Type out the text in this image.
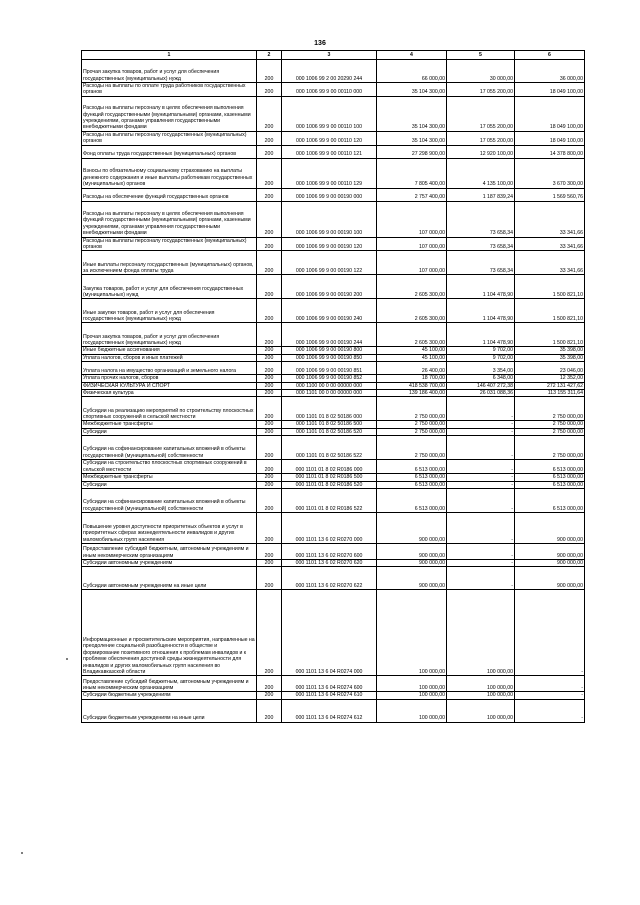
136
1	2	3	4	5	6
Прочая закупка товаров, работ и услуг для обеспечения государственных (муниципальных) нужд	200	000 1006 99 2 00 20290 244	66 000,00	30 000,00	36 000,00
Расходы на выплаты по оплате труда работников государственных органов	200	000 1006 99 9 00 00110 000	35 104 300,00	17 055 200,00	18 049 100,00
Расходы на выплаты персоналу в целях обеспечения выполнения функций государственными (муниципальными) органами, казенными учреждениями, органами управления государственными внебюджетными фондами	200	000 1006 99 9 00 00110 100	35 104 300,00	17 055 200,00	18 049 100,00
Расходы на выплаты персоналу государственных (муниципальных) органов	200	000 1006 99 9 00 00110 120	35 104 300,00	17 055 200,00	18 049 100,00
Фонд оплаты труда государственных (муниципальных) органов	200	000 1006 99 9 00 00110 121	27 298 900,00	12 920 100,00	14 378 800,00
Взносы по обязательному социальному страхованию на выплаты денежного содержания и иные выплаты работникам государственных (муниципальных) органов	200	000 1006 99 9 00 00110 129	7 805 400,00	4 135 100,00	3 670 300,00
Расходы на обеспечение функций государственных органов	200	000 1006 99 9 00 00190 000	2 757 400,00	1 187 839,24	1 569 560,76
Расходы на выплаты персоналу в целях обеспечения выполнения функций государственными (муниципальными) органами, казенными учреждениями, органами управления государственными внебюджетными фондами	200	000 1006 99 9 00 00190 100	107 000,00	73 658,34	33 341,66
Расходы на выплаты персоналу государственных (муниципальных) органов	200	000 1006 99 9 00 00190 120	107 000,00	73 658,34	33 341,66
Иные выплаты персоналу государственных (муниципальных) органов, за исключением фонда оплаты труда	200	000 1006 99 9 00 00190 122	107 000,00	73 658,34	33 341,66
Закупка товаров, работ и услуг для обеспечения государственных (муниципальных) нужд	200	000 1006 99 9 00 00190 200	2 605 300,00	1 104 478,90	1 500 821,10
Иные закупки товаров, работ и услуг для обеспечения государственных (муниципальных) нужд	200	000 1006 99 9 00 00190 240	2 605 300,00	1 104 478,90	1 500 821,10
Прочая закупка товаров, работ и услуг для обеспечения государственных (муниципальных) нужд	200	000 1006 99 9 00 00190 244	2 605 300,00	1 104 478,90	1 500 821,10
Иные бюджетные ассигнования	200	000 1006 99 9 00 00190 800	45 100,00	9 702,00	35 398,00
Уплата налогов, сборов и иных платежей	200	000 1006 99 9 00 00190 850	45 100,00	9 702,00	35 398,00
Уплата налога на имущество организаций и земельного налога	200	000 1006 99 9 00 00190 851	26 400,00	3 354,00	23 046,00
Уплата прочих налогов, сборов	200	000 1006 99 9 00 00190 852	18 700,00	6 348,00	12 352,00
ФИЗИЧЕСКАЯ КУЛЬТУРА И СПОРТ	200	000 1100 00 0 00 00000 000	418 538 700,00	146 407 272,38	272 131 427,62
Физическая культура	200	000 1101 00 0 00 00000 000	139 186 400,00	26 031 088,36	113 155 311,64
Субсидии на реализацию мероприятий по строительству плоскостных спортивных сооружений в сельской местности	200	000 1101 01 8 02 50186 000	2 750 000,00	-	2 750 000,00
Межбюджетные трансферты	200	000 1101 01 8 02 50186 500	2 750 000,00	-	2 750 000,00
Субсидии	200	000 1101 01 8 02 50186 520	2 750 000,00	-	2 750 000,00
Субсидии на софинансирование капитальных вложений в объекты государственной (муниципальной) собственности	200	000 1101 01 8 02 50186 522	2 750 000,00	-	2 750 000,00
Субсидии на строительство плоскостных спортивных сооружений в сельской местности	200	000 1101 01 8 02 R0186 000	6 513 000,00	-	6 513 000,00
Межбюджетные трансферты	200	000 1101 01 8 02 R0186 500	6 513 000,00	-	6 513 000,00
Субсидии	200	000 1101 01 8 02 R0186 520	6 513 000,00	-	6 513 000,00
Субсидии на софинансирование капитальных вложений в объекты государственной (муниципальной) собственности	200	000 1101 01 8 02 R0186 522	6 513 000,00	-	6 513 000,00
Повышение уровня доступности приоритетных объектов и услуг в приоритетных сферах жизнедеятельности инвалидов и других маломобильных групп населения	200	000 1101 13 6 02 R0270 000	900 000,00	-	900 000,00
Предоставление субсидий бюджетным, автономным учреждениям и иным некоммерческим организациям	200	000 1101 13 6 02 R0270 600	900 000,00	-	900 000,00
Субсидии автономным учреждениям	200	000 1101 13 6 02 R0270 620	900 000,00	-	900 000,00
Субсидии автономным учреждениям на иные цели	200	000 1101 13 6 02 R0270 622	900 000,00	-	900 000,00
Информационные и просветительские мероприятия, направленные на преодоление социальной разобщенности в обществе и формирование позитивного отношения к проблемам инвалидов и к проблеме обеспечения доступной среды жизнедеятельности для инвалидов и других маломобильных групп населения во Владикавказской области	200	000 1101 13 6 04 R0274 000	100 000,00	100 000,00	-
Предоставление субсидий бюджетным, автономным учреждениям и иным некоммерческим организациям	200	000 1101 13 6 04 R0274 600	100 000,00	100 000,00	-
Субсидии бюджетным учреждениям	200	000 1101 13 6 04 R0274 610	100 000,00	100 000,00	-
Субсидии бюджетным учреждениям на иные цели	200	000 1101 13 6 04 R0274 612	100 000,00	100 000,00	-
